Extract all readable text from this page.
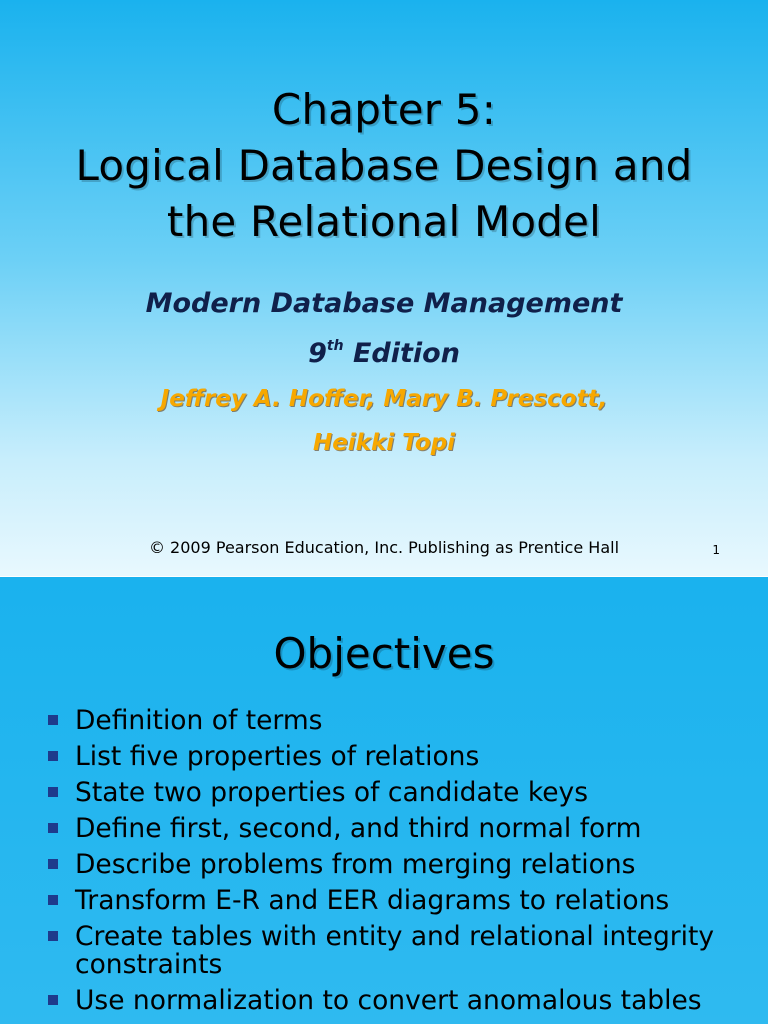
Chapter 5:
Logical Database Design and
the Relational Model
Modern Database Management
9th Edition
Jeffrey A. Hoffer, Mary B. Prescott,
Heikki Topi
© 2009 Pearson Education, Inc. Publishing as Prentice Hall	1
Objectives
Definition of terms
List five properties of relations
State two properties of candidate keys
Define first, second, and third normal form
Describe problems from merging relations
Transform E-R and EER diagrams to relations
Create tables with entity and relational integrity constraints
Use normalization to convert anomalous tables
